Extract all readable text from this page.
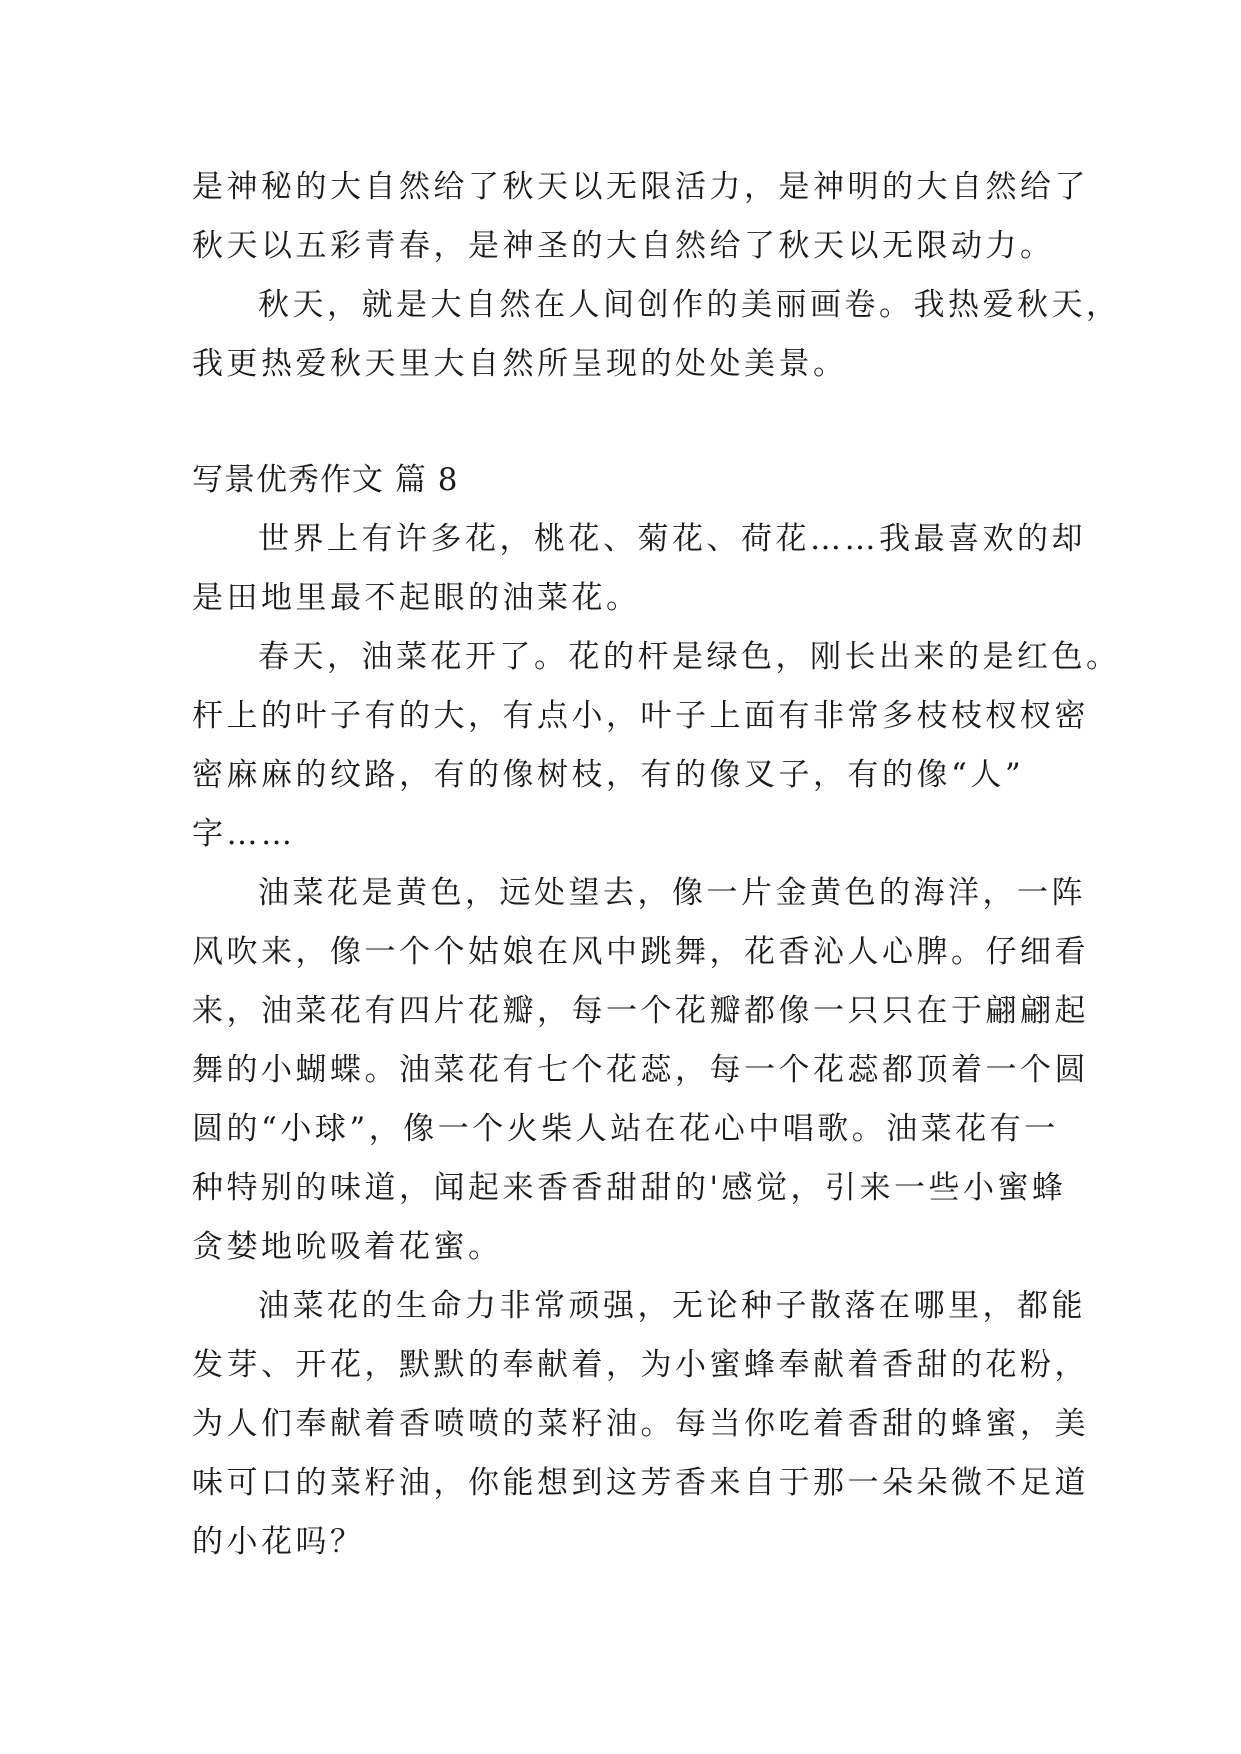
是神秘的大自然给了秋天以无限活力，是神明的大自然给了
秋天以五彩青春，是神圣的大自然给了秋天以无限动力。
秋天，就是大自然在人间创作的美丽画卷。我热爱秋天，
我更热爱秋天里大自然所呈现的处处美景。
写景优秀作文 篇 8
世界上有许多花，桃花、菊花、荷花……我最喜欢的却
是田地里最不起眼的油菜花。
春天，油菜花开了。花的杆是绿色，刚长出来的是红色。
杆上的叶子有的大，有点小，叶子上面有非常多枝枝杈杈密
密麻麻的纹路，有的像树枝，有的像叉子，有的像“人”
字……
油菜花是黄色，远处望去，像一片金黄色的海洋，一阵
风吹来，像一个个姑娘在风中跳舞，花香沁人心脾。仔细看
来，油菜花有四片花瓣，每一个花瓣都像一只只在于翩翩起
舞的小蝴蝶。油菜花有七个花蕊，每一个花蕊都顶着一个圆
圆的“小球”，像一个火柴人站在花心中唱歌。油菜花有一
种特别的味道，闻起来香香甜甜的'感觉，引来一些小蜜蜂
贪婪地吮吸着花蜜。
油菜花的生命力非常顽强，无论种子散落在哪里，都能
发芽、开花，默默的奉献着，为小蜜蜂奉献着香甜的花粉，
为人们奉献着香喷喷的菜籽油。每当你吃着香甜的蜂蜜，美
味可口的菜籽油，你能想到这芳香来自于那一朵朵微不足道
的小花吗？
